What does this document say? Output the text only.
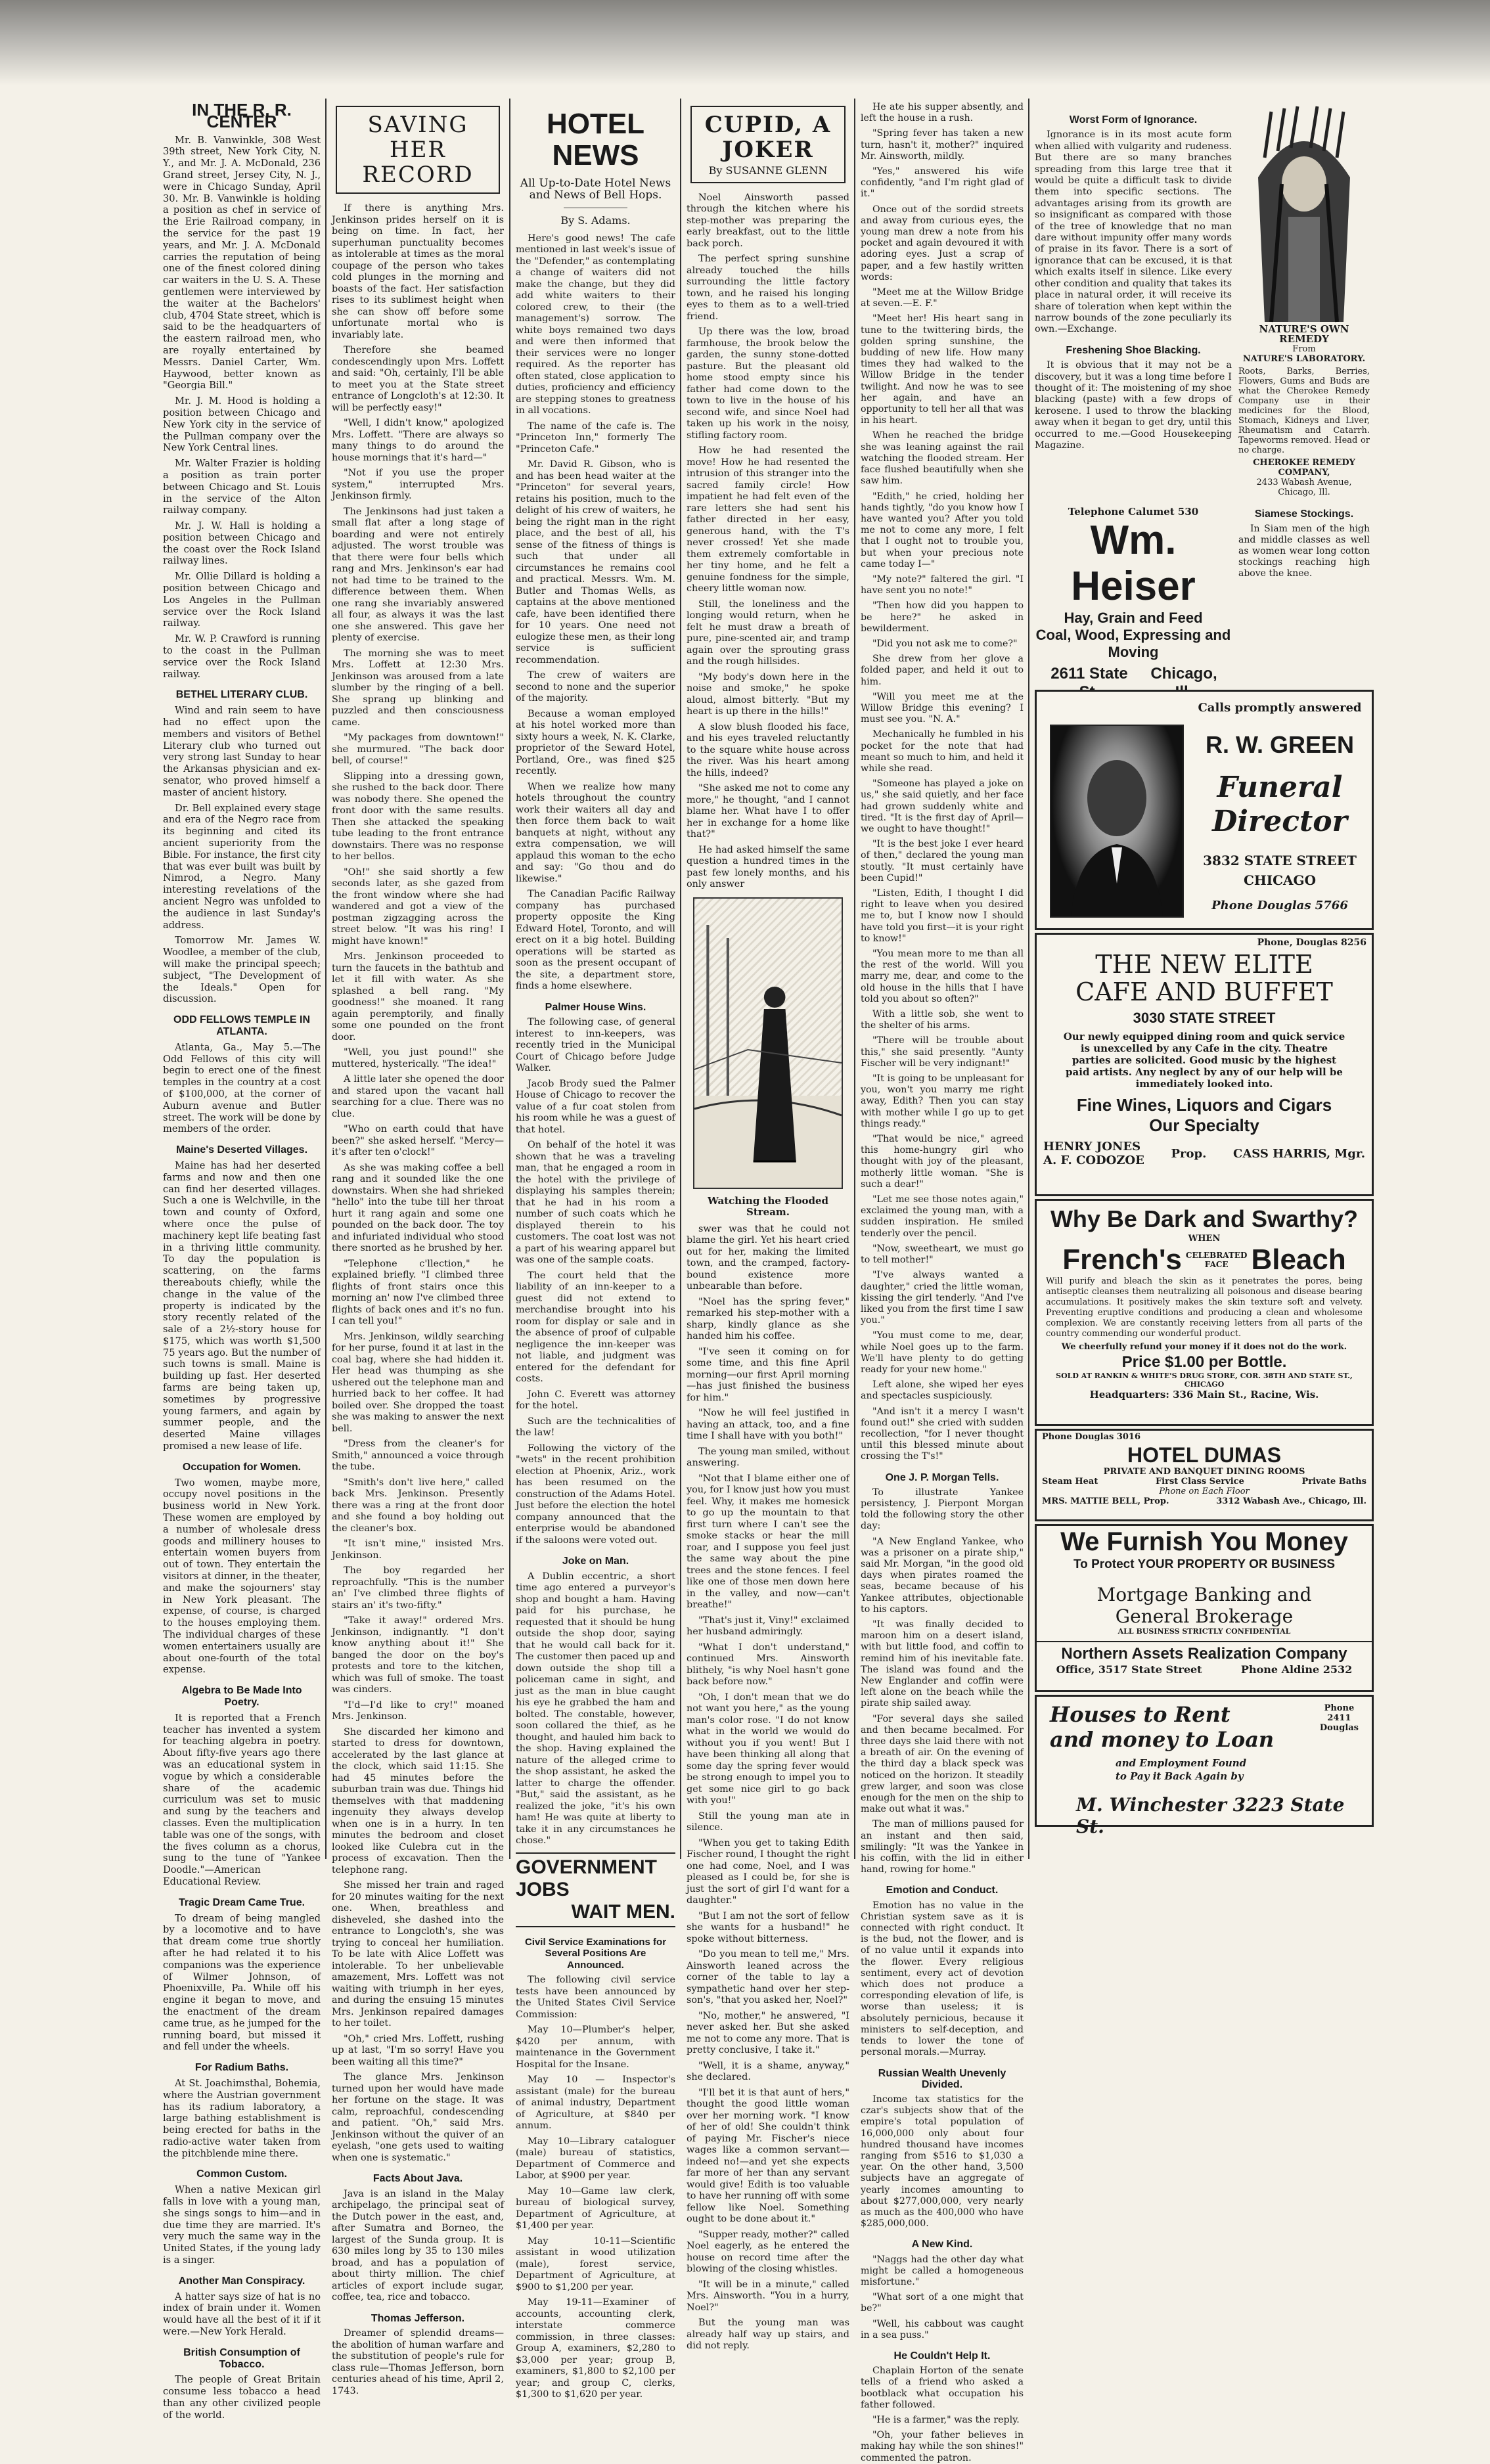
IN THE R. R. CENTER

Mr. B. Vanwinkle, 308 West 39th street, New York City, N. Y., and Mr. J. A. McDonald, 236 Grand street, Jersey City, N. J., were in Chicago Sunday, April 30. Mr. B. Vanwinkle is holding a position as chef in service of the Erie Railroad company, in the service for the past 19 years, and Mr. J. A. McDonald carries the reputation of being one of the finest colored dining car waiters in the U. S. A. These gentlemen were interviewed by the waiter at the Bachelors' club, 4704 State street, which is said to be the headquarters of the eastern railroad men, who are royally entertained by Messrs. Daniel Carter, Wm. Haywood, better known as "Georgia Bill."

Mr. J. M. Hood is holding a position between Chicago and New York city in the service of the Pullman company over the New York Central lines.

Mr. Walter Frazier is holding a position as train porter between Chicago and St. Louis in the service of the Alton railway company.

Mr. J. W. Hall is holding a position between Chicago and the coast over the Rock Island railway lines.

Mr. Ollie Dillard is holding a position between Chicago and Los Angeles in the Pullman service over the Rock Island railway.

Mr. W. P. Crawford is running to the coast in the Pullman service over the Rock Island railway.

BETHEL LITERARY CLUB.

Wind and rain seem to have had no effect upon the members and visitors of Bethel Literary club who turned out very strong last Sunday to hear the Arkansas physician and ex-senator, who proved himself a master of ancient history.

Dr. Bell explained every stage and era of the Negro race from its beginning and cited its ancient superiority from the Bible. For instance, the first city that was ever built was built by Nimrod, a Negro. Many interesting revelations of the ancient Negro was unfolded to the audience in last Sunday's address.

Tomorrow Mr. James W. Woodlee, a member of the club, will make the principal speech; subject, "The Development of the Ideals." Open for discussion.

ODD FELLOWS TEMPLE IN ATLANTA.

Atlanta, Ga., May 5.—The Odd Fellows of this city will begin to erect one of the finest temples in the country at a cost of $100,000, at the corner of Auburn avenue and Butler street. The work will be done by members of the order.

Maine's Deserted Villages.

Maine has had her deserted farms and now and then one can find her deserted villages. Such a one is Welchville, in the town and county of Oxford, where once the pulse of machinery kept life beating fast in a thriving little community. To day the population is scattering, on the farms thereabouts chiefly, while the change in the value of the property is indicated by the story recently related of the sale of a 2½-story house for $175, which was worth $1,500 75 years ago. But the number of such towns is small. Maine is building up fast. Her deserted farms are being taken up, sometimes by progressive young farmers, and again by summer people, and the deserted Maine villages promised a new lease of life.

Occupation for Women.

Two women, maybe more, occupy novel positions in the business world in New York. These women are employed by a number of wholesale dress goods and millinery houses to entertain women buyers from out of town. They entertain the visitors at dinner, in the theater, and make the sojourners' stay in New York pleasant. The expense, of course, is charged to the houses employing them. The individual charges of these women entertainers usually are about one-fourth of the total expense.

Algebra to Be Made Into Poetry.

It is reported that a French teacher has invented a system for teaching algebra in poetry. About fifty-five years ago there was an educational system in vogue by which a considerable share of the academic curriculum was set to music and sung by the teachers and classes. Even the multiplication table was one of the songs, with the fives column as a chorus, sung to the tune of "Yankee Doodle."—American Educational Review.

Tragic Dream Came True.

To dream of being mangled by a locomotive and to have that dream come true shortly after he had related it to his companions was the experience of Wilmer Johnson, of Phoenixville, Pa. While off his engine it began to move, and the enactment of the dream came true, as he jumped for the running board, but missed it and fell under the wheels.

For Radium Baths.

At St. Joachimsthal, Bohemia, where the Austrian government has its radium laboratory, a large bathing establishment is being erected for baths in the radio-active water taken from the pitchblende mine there.

Common Custom.

When a native Mexican girl falls in love with a young man, she sings songs to him—and in due time they are married. It's very much the same way in the United States, if the young lady is a singer.

Another Man Conspiracy.

A hatter says size of hat is no index of brain under it. Women would have all the best of it if it were.—New York Herald.

British Consumption of Tobacco.

The people of Great Britain consume less tobacco a head than any other civilized people of the world.

SAVING HER RECORD

If there is anything Mrs. Jenkinson prides herself on it is being on time. In fact, her superhuman punctuality becomes as intolerable at times as the moral coupage of the person who takes cold plunges in the morning and boasts of the fact. Her satisfaction rises to its sublimest height when she can show off before some unfortunate mortal who is invariably late.

Therefore she beamed condescendingly upon Mrs. Loffett and said: "Oh, certainly, I'll be able to meet you at the State street entrance of Longcloth's at 12:30. It will be perfectly easy!"

"Well, I didn't know," apologized Mrs. Loffett. "There are always so many things to do around the house mornings that it's hard—"

"Not if you use the proper system," interrupted Mrs. Jenkinson firmly.

The Jenkinsons had just taken a small flat after a long stage of boarding and were not entirely adjusted. The worst trouble was that there were four bells which rang and Mrs. Jenkinson's ear had not had time to be trained to the difference between them. When one rang she invariably answered all four, as always it was the last one she answered. This gave her plenty of exercise.

The morning she was to meet Mrs. Loffett at 12:30 Mrs. Jenkinson was aroused from a late slumber by the ringing of a bell. She sprang up blinking and puzzled and then consciousness came.

"My packages from downtown!" she murmured. "The back door bell, of course!"

Slipping into a dressing gown, she rushed to the back door. There was nobody there. She opened the front door with the same results. Then she attacked the speaking tube leading to the front entrance downstairs. There was no response to her bellos.

"Oh!" she said shortly a few seconds later, as she gazed from the front window where she had wandered and got a view of the postman zigzagging across the street below. "It was his ring! I might have known!"

Mrs. Jenkinson proceeded to turn the faucets in the bathtub and let it fill with water. As she splashed a bell rang. "My goodness!" she moaned. It rang again peremptorily, and finally some one pounded on the front door.

"Well, you just pound!" she muttered, hysterically. "The idea!"

A little later she opened the door and stared upon the vacant hall searching for a clue. There was no clue.

"Who on earth could that have been?" she asked herself. "Mercy—it's after ten o'clock!"

As she was making coffee a bell rang and it sounded like the one downstairs. When she had shrieked "hello" into the tube till her throat hurt it rang again and some one pounded on the back door. The toy and infuriated individual who stood there snorted as he brushed by her.

"Telephone c'llection," he explained briefly. "I climbed three flights of front stairs once this morning an' now I've climbed three flights of back ones and it's no fun. I can tell you!"

Mrs. Jenkinson, wildly searching for her purse, found it at last in the coal bag, where she had hidden it. Her head was thumping as she ushered out the telephone man and hurried back to her coffee. It had boiled over. She dropped the toast she was making to answer the next bell.

"Dress from the cleaner's for Smith," announced a voice through the tube.

"Smith's don't live here," called back Mrs. Jenkinson. Presently there was a ring at the front door and she found a boy holding out the cleaner's box.

"It isn't mine," insisted Mrs. Jenkinson.

The boy regarded her reproachfully. "This is the number an' I've climbed three flights of stairs an' it's two-fifty."

"Take it away!" ordered Mrs. Jenkinson, indignantly. "I don't know anything about it!" She banged the door on the boy's protests and tore to the kitchen, which was full of smoke. The toast was cinders.

"I'd—I'd like to cry!" moaned Mrs. Jenkinson.

She discarded her kimono and started to dress for downtown, accelerated by the last glance at the clock, which said 11:15. She had 45 minutes before the suburban train was due. Things hid themselves with that maddening ingenuity they always develop when one is in a hurry. In ten minutes the bedroom and closet looked like Culebra cut in the process of excavation. Then the telephone rang.

She missed her train and raged for 20 minutes waiting for the next one. When, breathless and disheveled, she dashed into the entrance to Longcloth's, she was trying to conceal her humiliation. To be late with Alice Loffett was intolerable. To her unbelievable amazement, Mrs. Loffett was not waiting with triumph in her eyes, and during the ensuing 15 minutes Mrs. Jenkinson repaired damages to her toilet.

"Oh," cried Mrs. Loffett, rushing up at last, "I'm so sorry! Have you been waiting all this time?"

The glance Mrs. Jenkinson turned upon her would have made her fortune on the stage. It was calm, reproachful, condescending and patient. "Oh," said Mrs. Jenkinson without the quiver of an eyelash, "one gets used to waiting when one is systematic."

Facts About Java.

Java is an island in the Malay archipelago, the principal seat of the Dutch power in the east, and, after Sumatra and Borneo, the largest of the Sunda group. It is 630 miles long by 35 to 130 miles broad, and has a population of about thirty million. The chief articles of export include sugar, coffee, tea, rice and tobacco.

Thomas Jefferson.

Dreamer of splendid dreams—the abolition of human warfare and the substitution of people's rule for class rule—Thomas Jefferson, born centuries ahead of his time, April 2, 1743.

HOTEL NEWS
All Up-to-Date Hotel News and News of Bell Hops.
By S. Adams.

Here's good news! The cafe mentioned in last week's issue of the "Defender," as contemplating a change of waiters did not make the change, but they did add white waiters to their colored crew, to their (the management's) sorrow. The white boys remained two days and were then informed that their services were no longer required. As the reporter has often stated, close application to duties, proficiency and efficiency are stepping stones to greatness in all vocations.

The name of the cafe is. The "Princeton Inn," formerly The "Princeton Cafe."

Mr. David R. Gibson, who is and has been head waiter at the "Princeton" for several years, retains his position, much to the delight of his crew of waiters, he being the right man in the right place, and the best of all, his sense of the fitness of things is such that under all circumstances he remains cool and practical. Messrs. Wm. M. Butler and Thomas Wells, as captains at the above mentioned cafe, have been identified there for 10 years. One need not eulogize these men, as their long service is sufficient recommendation.

The crew of waiters are second to none and the superior of the majority.

Because a woman employed at his hotel worked more than sixty hours a week, N. K. Clarke, proprietor of the Seward Hotel, Portland, Ore., was fined $25 recently.

When we realize how many hotels throughout the country work their waiters all day and then force them back to wait banquets at night, without any extra compensation, we will applaud this woman to the echo and say: "Go thou and do likewise."

The Canadian Pacific Railway company has purchased property opposite the King Edward Hotel, Toronto, and will erect on it a big hotel. Building operations will be started as soon as the present occupant of the site, a department store, finds a home elsewhere.

Palmer House Wins.

The following case, of general interest to inn-keepers, was recently tried in the Municipal Court of Chicago before Judge Walker.

Jacob Brody sued the Palmer House of Chicago to recover the value of a fur coat stolen from his room while he was a guest of that hotel.

On behalf of the hotel it was shown that he was a traveling man, that he engaged a room in the hotel with the privilege of displaying his samples therein; that he had in his room a number of such coats which he displayed therein to his customers. The coat lost was not a part of his wearing apparel but was one of the sample coats.

The court held that the liability of an inn-keeper to a guest did not extend to merchandise brought into his room for display or sale and in the absence of proof of culpable negligence the inn-keeper was not liable, and judgment was entered for the defendant for costs.

John C. Everett was attorney for the hotel.

Such are the technicalities of the law!

Following the victory of the "wets" in the recent prohibition election at Phoenix, Ariz., work has been resumed on the construction of the Adams Hotel. Just before the election the hotel company announced that the enterprise would be abandoned if the saloons were voted out.

Joke on Man.

A Dublin eccentric, a short time ago entered a purveyor's shop and bought a ham. Having paid for his purchase, he requested that it should be hung outside the shop door, saying that he would call back for it. The customer then paced up and down outside the shop till a policeman came in sight, and just as the man in blue caught his eye he grabbed the ham and bolted. The constable, however, soon collared the thief, as he thought, and hauled him back to the shop. Having explained the nature of the alleged crime to the shop assistant, he asked the latter to charge the offender. "But," said the assistant, as he realized the joke, "it's his own ham! He was quite at liberty to take it in any circumstances he chose."

GOVERNMENT JOBS
WAIT MEN.
Civil Service Examinations for Several Positions Are Announced.

The following civil service tests have been announced by the United States Civil Service Commission:

May 10—Plumber's helper, $420 per annum, with maintenance in the Government Hospital for the Insane.

May 10 — Inspector's assistant (male) for the bureau of animal industry, Department of Agriculture, at $840 per annum.

May 10—Library cataloguer (male) bureau of statistics, Department of Commerce and Labor, at $900 per year.

May 10—Game law clerk, bureau of biological survey, Department of Agriculture, at $1,400 per year.

May 10-11—Scientific assistant in wood utilization (male), forest service, Department of Agriculture, at $900 to $1,200 per year.

May 19-11—Examiner of accounts, accounting clerk, interstate commerce commission, in three classes: Group A, examiners, $2,280 to $3,000 per year; group B, examiners, $1,800 to $2,100 per year; and group C, clerks, $1,300 to $1,620 per year.

CUPID, A JOKER
By SUSANNE GLENN

Noel Ainsworth passed through the kitchen where his step-mother was preparing the early breakfast, out to the little back porch.

The perfect spring sunshine already touched the hills surrounding the little factory town, and he raised his longing eyes to them as to a well-tried friend.

Up there was the low, broad farmhouse, the brook below the garden, the sunny stone-dotted pasture. But the pleasant old home stood empty since his father had come down to the town to live in the house of his second wife, and since Noel had taken up his work in the noisy, stifling factory room.

How he had resented the move! How he had resented the intrusion of this stranger into the sacred family circle! How impatient he had felt even of the rare letters she had sent his father directed in her easy, generous hand, with the T's never crossed! Yet she made them extremely comfortable in her tiny home, and he felt a genuine fondness for the simple, cheery little woman now.

Still, the loneliness and the longing would return, when he felt he must draw a breath of pure, pine-scented air, and tramp again over the sprouting grass and the rough hillsides.

"My body's down here in the noise and smoke," he spoke aloud, almost bitterly. "But my heart is up there in the hills!"

A slow blush flooded his face, and his eyes traveled reluctantly to the square white house across the river. Was his heart among the hills, indeed?

"She asked me not to come any more," he thought, "and I cannot blame her. What have I to offer her in exchange for a home like that?"

He had asked himself the same question a hundred times in the past few lonely months, and his only answer

Watching the Flooded Stream.

swer was that he could not blame the girl. Yet his heart cried out for her, making the limited town, and the cramped, factory-bound existence more unbearable than before.

"Noel has the spring fever," remarked his step-mother with a sharp, kindly glance as she handed him his coffee.

"I've seen it coming on for some time, and this fine April morning—our first April morning—has just finished the business for him."

"Now he will feel justified in having an attack, too, and a fine time I shall have with you both!"

The young man smiled, without answering.

"Not that I blame either one of you, for I know just how you must feel. Why, it makes me homesick to go up the mountain to that first turn where I can't see the smoke stacks or hear the mill roar, and I suppose you feel just the same way about the pine trees and the stone fences. I feel like one of those men down here in the valley, and now—can't breathe!"

"That's just it, Viny!" exclaimed her husband admiringly.

"What I don't understand," continued Mrs. Ainsworth blithely, "is why Noel hasn't gone back before now."

"Oh, I don't mean that we do not want you here," as the young man's color rose. "I do not know what in the world we would do without you if you went! But I have been thinking all along that some day the spring fever would be strong enough to impel you to get some nice girl to go back with you!"

Still the young man ate in silence.

"When you get to taking Edith Fischer round, I thought the right one had come, Noel, and I was pleased as I could be, for she is just the sort of girl I'd want for a daughter."

"But I am not the sort of fellow she wants for a husband!" he spoke without bitterness.

"Do you mean to tell me," Mrs. Ainsworth leaned across the corner of the table to lay a sympathetic hand over her step-son's, "that you asked her, Noel?"

"No, mother," he answered, "I never asked her. But she asked me not to come any more. That is pretty conclusive, I take it."

"Well, it is a shame, anyway," she declared.

"I'll bet it is that aunt of hers," thought the good little woman over her morning work. "I know of her of old! She couldn't think of paying Mr. Fischer's niece wages like a common servant—indeed no!—and yet she expects far more of her than any servant would give! Edith is too valuable to have her running off with some fellow like Noel. Something ought to be done about it."

"Supper ready, mother?" called Noel eagerly, as he entered the house on record time after the blowing of the closing whistles.

"It will be in a minute," called Mrs. Ainsworth. "You in a hurry, Noel?"

But the young man was already half way up stairs, and did not reply.

He ate his supper absently, and left the house in a rush.

"Spring fever has taken a new turn, hasn't it, mother?" inquired Mr. Ainsworth, mildly.

"Yes," answered his wife confidently, "and I'm right glad of it."

Once out of the sordid streets and away from curious eyes, the young man drew a note from his pocket and again devoured it with adoring eyes. Just a scrap of paper, and a few hastily written words:

"Meet me at the Willow Bridge at seven.—E. F."

"Meet her! His heart sang in tune to the twittering birds, the golden spring sunshine, the budding of new life. How many times they had walked to the Willow Bridge in the tender twilight. And now he was to see her again, and have an opportunity to tell her all that was in his heart.

When he reached the bridge she was leaning against the rail watching the flooded stream. Her face flushed beautifully when she saw him.

"Edith," he cried, holding her hands tightly, "do you know how I have wanted you? After you told me not to come any more, I felt that I ought not to trouble you, but when your precious note came today I—"

"My note?" faltered the girl. "I have sent you no note!"

"Then how did you happen to be here?" he asked in bewilderment.

"Did you not ask me to come?"

She drew from her glove a folded paper, and held it out to him.

"Will you meet me at the Willow Bridge this evening? I must see you. "N. A."

Mechanically he fumbled in his pocket for the note that had meant so much to him, and held it while she read.

"Someone has played a joke on us," she said quietly, and her face had grown suddenly white and tired. "It is the first day of April—we ought to have thought!"

"It is the best joke I ever heard of then," declared the young man stoutly. "It must certainly have been Cupid!"

"Listen, Edith, I thought I did right to leave when you desired me to, but I know now I should have told you first—it is your right to know!"

"You mean more to me than all the rest of the world. Will you marry me, dear, and come to the old house in the hills that I have told you about so often?"

With a little sob, she went to the shelter of his arms.

"There will be trouble about this," she said presently. "Aunty Fischer will be very indignant!"

"It is going to be unpleasant for you, won't you marry me right away, Edith? Then you can stay with mother while I go up to get things ready."

"That would be nice," agreed this home-hungry girl who thought with joy of the pleasant, motherly little woman. "She is such a dear!"

"Let me see those notes again," exclaimed the young man, with a sudden inspiration. He smiled tenderly over the pencil.

"Now, sweetheart, we must go to tell mother!"

"I've always wanted a daughter," cried the little woman, kissing the girl tenderly. "And I've liked you from the first time I saw you."

"You must come to me, dear, while Noel goes up to the farm. We'll have plenty to do getting ready for your new home."

Left alone, she wiped her eyes and spectacles suspiciously.

"And isn't it a mercy I wasn't found out!" she cried with sudden recollection, "for I never thought until this blessed minute about crossing the T's!"

One J. P. Morgan Tells.

To illustrate Yankee persistency, J. Pierpont Morgan told the following story the other day:

"A New England Yankee, who was a prisoner on a pirate ship," said Mr. Morgan, "in the good old days when pirates roamed the seas, became because of his Yankee attributes, objectionable to his captors.

"It was finally decided to maroon him on a desert island, with but little food, and coffin to remind him of his inevitable fate. The island was found and the New Englander and coffin were left alone on the beach while the pirate ship sailed away.

"For several days she sailed and then became becalmed. For three days she laid there with not a breath of air. On the evening of the third day a black speck was noticed on the horizon. It steadily grew larger, and soon was close enough for the men on the ship to make out what it was."

The man of millions paused for an instant and then said, smilingly: "It was the Yankee in his coffin, with the lid in either hand, rowing for home."

Emotion and Conduct.

Emotion has no value in the Christian system save as it is connected with right conduct. It is the bud, not the flower, and is of no value until it expands into the flower. Every religious sentiment, every act of devotion which does not produce a corresponding elevation of life, is worse than useless; it is absolutely pernicious, because it ministers to self-deception, and tends to lower the tone of personal morals.—Murray.

Russian Wealth Unevenly Divided.

Income tax statistics for the czar's subjects show that of the empire's total population of 16,000,000 only about four hundred thousand have incomes ranging from $516 to $1,030 a year. On the other hand, 3,500 subjects have an aggregate of yearly incomes amounting to about $277,000,000, very nearly as much as the 400,000 who have $285,000,000.

A New Kind.

"Naggs had the other day what might be called a homogeneous misfortune."

"What sort of a one might that be?"

"Well, his cabbout was caught in a sea puss."

He Couldn't Help It.

Chaplain Horton of the senate tells of a friend who asked a bootblack what occupation his father followed.

"He is a farmer," was the reply.

"Oh, your father believes in making hay while the son shines!" commented the patron.

Worst Form of Ignorance.

Ignorance is in its most acute form when allied with vulgarity and rudeness. But there are so many branches spreading from this large tree that it would be quite a difficult task to divide them into specific sections. The advantages arising from its growth are so insignificant as compared with those of the tree of knowledge that no man dare without impunity offer many words of praise in its favor. There is a sort of ignorance that can be excused, it is that which exalts itself in silence. Like every other condition and quality that takes its place in natural order, it will receive its share of toleration when kept within the narrow bounds of the zone peculiarly its own.—Exchange.

Freshening Shoe Blacking.

It is obvious that it may not be a discovery, but it was a long time before I thought of it: The moistening of my shoe blacking (paste) with a few drops of kerosene. I used to throw the blacking away when it began to get dry, until this occurred to me.—Good Housekeeping Magazine.

NATURE'S OWN REMEDY
From
NATURE'S LABORATORY.
Roots, Barks, Berries, Flowers, Gums and Buds are what the Cherokee Remedy Company use in their medicines for the Blood, Stomach, Kidneys and Liver, Rheumatism and Catarrh. Tapeworms removed. Head or no charge.
CHEROKEE REMEDY COMPANY,
2433 Wabash Avenue,
Chicago, Ill.
Telephone Calumet 530
Wm. Heiser
Hay, Grain and Feed
Coal, Wood, Expressing and Moving
2611 State	Chicago,
Siamese Stockings.

In Siam men of the high and middle classes as well as women wear long cotton stockings reaching high above the knee.

Calls promptly answered
R. W. GREEN
Funeral
Director
3832 STATE STREET
CHICAGO
Phone Douglas 5766
Phone, Douglas 8256
THE NEW ELITE
CAFE AND BUFFET
3030 STATE STREET
Our newly equipped dining room and quick service is unexcelled by any Cafe in the city. Theatre parties are solicited. Good music by the highest paid artists. Any neglect by any of our help will be immediately looked into.
Fine Wines, Liquors and Cigars
Our Specialty
HENRY JONES
A. F. CODOZOE Prop. CASS HARRIS, Mgr.
Why Be Dark and Swarthy?
WHEN
French's CELEBRATED
FACE Bleach
Will purify and bleach the skin as it penetrates the pores, being antiseptic cleanses them neutralizing all poisonous and disease bearing accumulations. It positively makes the skin texture soft and velvety. Preventing eruptive conditions and producing a clean and wholesome complexion. We are constantly receiving letters from all parts of the country commending our wonderful product.
We cheerfully refund your money if it does not do the work.
Price $1.00 per Bottle.
SOLD AT RANKIN & WHITE'S DRUG STORE, COR. 38TH AND STATE ST., CHICAGO
Headquarters: 336 Main St., Racine, Wis.
Phone Douglas 3016
HOTEL DUMAS
PRIVATE AND BANQUET DINING ROOMS
Steam Heat	First Class Service	Private Baths
Phone on Each Floor
MRS. MATTIE BELL, Prop.	3312 Wabash Ave., Chicago, Ill.
We Furnish You Money
To Protect YOUR PROPERTY OR BUSINESS
Mortgage Banking and
General Brokerage
ALL BUSINESS STRICTLY CONFIDENTIAL
Northern Assets Realization Company
Office, 3517 State Street	Phone Aldine 2532
Houses to Rent
and money to Loan
and Employment Found
to Pay it Back Again by
Phone
2411
Douglas
M. Winchester 3223 State St.
